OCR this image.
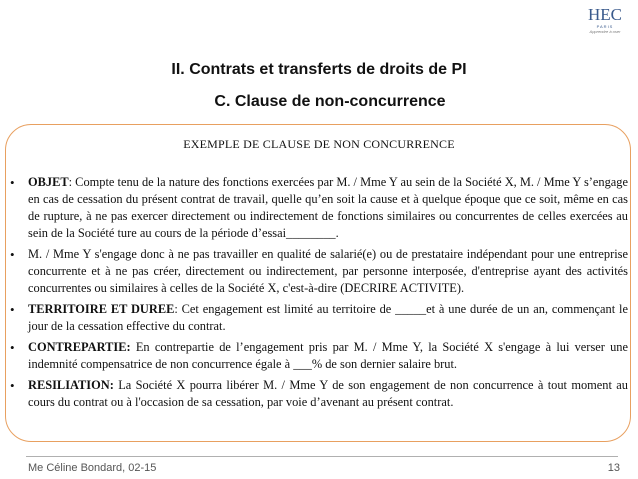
HEC
PARIS
Apprendre à oser
II. Contrats et transferts de droits de PI
C. Clause de non-concurrence
EXEMPLE DE CLAUSE DE NON CONCURRENCE
• OBJET: Compte tenu de la nature des fonctions exercées par M. / Mme Y au sein de la Société X, M. / Mme Y s’engage en cas de cessation du présent contrat de travail, quelle qu’en soit la cause et à quelque époque que ce soit, même en cas de rupture, à ne pas exercer directement ou indirectement de fonctions similaires ou concurrentes de celles exercées au sein de la Société ture au cours de la période d’essai________.
• M. / Mme Y s'engage donc à ne pas travailler en qualité de salarié(e) ou de prestataire indépendant pour une entreprise concurrente et à ne pas créer, directement ou indirectement, par personne interposée, d'entreprise ayant des activités concurrentes ou similaires à celles de la Société X, c'est-à-dire (DECRIRE ACTIVITE).
• TERRITOIRE ET DUREE: Cet engagement est limité au territoire de _____et à une durée de un an, commençant le jour de la cessation effective du contrat.
• CONTREPARTIE: En contrepartie de l’engagement pris par M. / Mme Y, la Société X s'engage à lui verser une indemnité compensatrice de non concurrence égale à ___% de son dernier salaire brut.
• RESILIATION: La Société X pourra libérer M. / Mme Y de son engagement de non concurrence à tout moment au cours du contrat ou à l'occasion de sa cessation, par voie d’avenant au présent contrat.
Me Céline Bondard, 02-15	13
